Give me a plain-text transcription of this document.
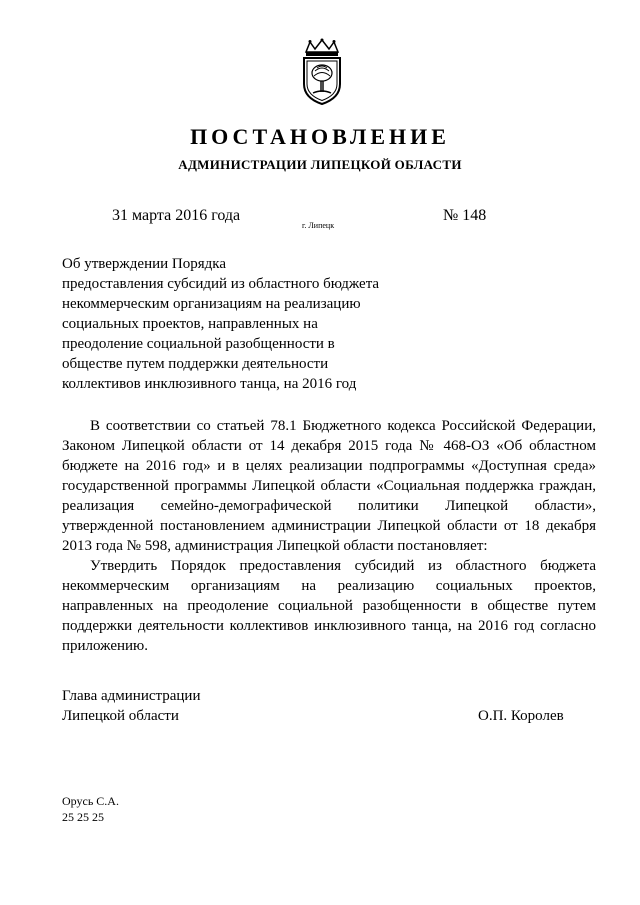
ПОСТАНОВЛЕНИЕ
АДМИНИСТРАЦИИ ЛИПЕЦКОЙ ОБЛАСТИ
31 марта 2016 года
г. Липецк
№ 148
Об утверждении Порядка
предоставления субсидий из областного бюджета
некоммерческим организациям на реализацию
социальных проектов, направленных на
преодоление социальной разобщенности в
обществе путем поддержки деятельности
коллективов инклюзивного танца, на 2016 год
В соответствии со статьей 78.1 Бюджетного кодекса Российской Федерации,
Законом Липецкой области от 14 декабря 2015 года № 468-ОЗ «Об областном
бюджете на 2016 год» и в целях реализации подпрограммы «Доступная среда»
государственной программы Липецкой области «Социальная поддержка граждан,
реализация семейно-демографической политики Липецкой области»,
утвержденной постановлением администрации Липецкой области от 18 декабря
2013 года № 598, администрация Липецкой области постановляет:
Утвердить Порядок предоставления субсидий из областного бюджета
некоммерческим организациям на реализацию социальных проектов,
направленных на преодоление социальной разобщенности в обществе путем
поддержки деятельности коллективов инклюзивного танца, на 2016 год согласно
приложению.
Глава администрации
Липецкой области	О.П. Королев
Орусь С.А.
25 25 25
